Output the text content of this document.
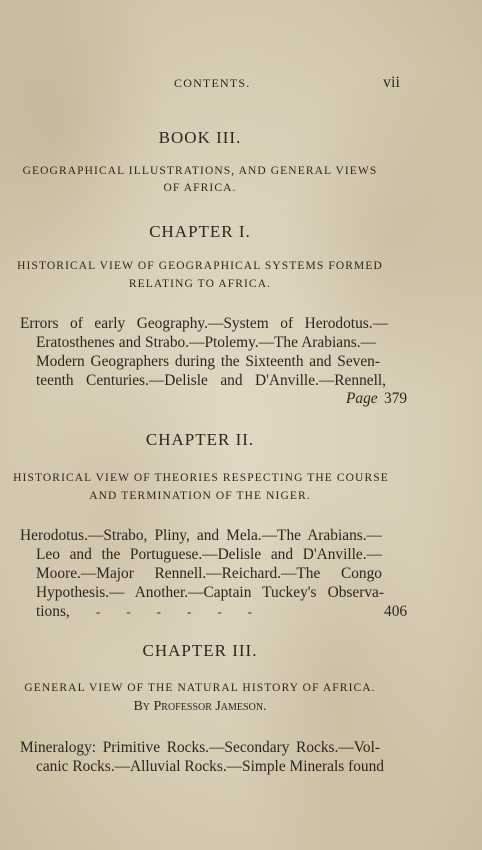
CONTENTS.	vii
BOOK III.
GEOGRAPHICAL ILLUSTRATIONS, AND GENERAL VIEWS
OF AFRICA.
CHAPTER I.
HISTORICAL VIEW OF GEOGRAPHICAL SYSTEMS FORMED
RELATING TO AFRICA.
Errors of early Geography.—System of Herodotus.—
Eratosthenes and Strabo.—Ptolemy.—The Arabians.—
Modern Geographers during the Sixteenth and Seven-
teenth Centuries.—Delisle and D'Anville.—Rennell,
Page 379
CHAPTER II.
HISTORICAL VIEW OF THEORIES RESPECTING THE COURSE
AND TERMINATION OF THE NIGER.
Herodotus.—Strabo, Pliny, and Mela.—The Arabians.—
Leo and the Portuguese.—Delisle and D'Anville.—
Moore.—Major Rennell.—Reichard.—The Congo
Hypothesis.— Another.—Captain Tuckey's Observa-
tions, -        -        -        -        -        -	406
CHAPTER III.
GENERAL VIEW OF THE NATURAL HISTORY OF AFRICA.
By Professor Jameson.
Mineralogy: Primitive Rocks.—Secondary Rocks.—Vol-
canic Rocks.—Alluvial Rocks.—Simple Minerals found
